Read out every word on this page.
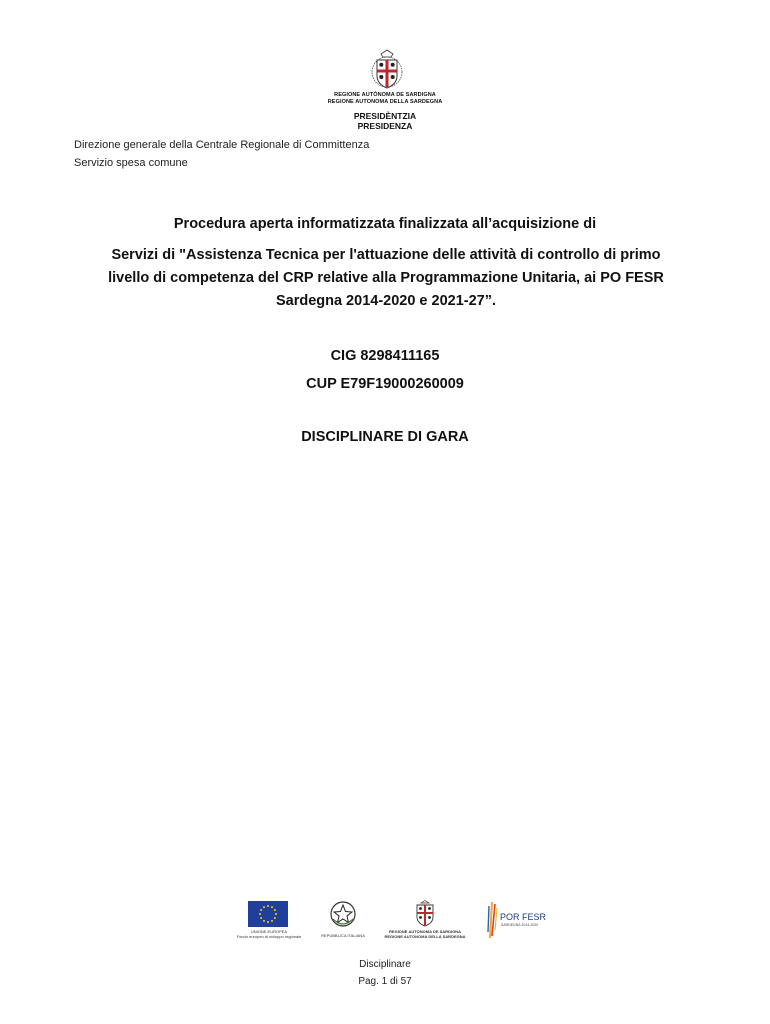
REGIONE AUTÒNOMA DE SARDIGNA
REGIONE AUTONOMA DELLA SARDEGNA
PRESIDÈNTZIA
PRESIDENZA
Direzione generale della Centrale Regionale di Committenza
Servizio spesa comune
Procedura aperta informatizzata finalizzata all’acquisizione di
Servizi di "Assistenza Tecnica per l'attuazione delle attività di controllo di primo
livello di competenza del CRP relative alla Programmazione Unitaria, ai PO FESR
Sardegna 2014-2020 e 2021-27”.
CIG 8298411165
CUP E79F19000260009
DISCIPLINARE DI GARA
UNIONE EUROPEA
Fondo europeo di sviluppo regionale	REPUBBLICA ITALIANA
REGIONE AUTÒNOMA DE SARDIGNA
REGIONE AUTONOMA DELLA SARDEGNA
POR FESR
SARDEGNA 2014-2020
Disciplinare
Pag. 1 di 57
